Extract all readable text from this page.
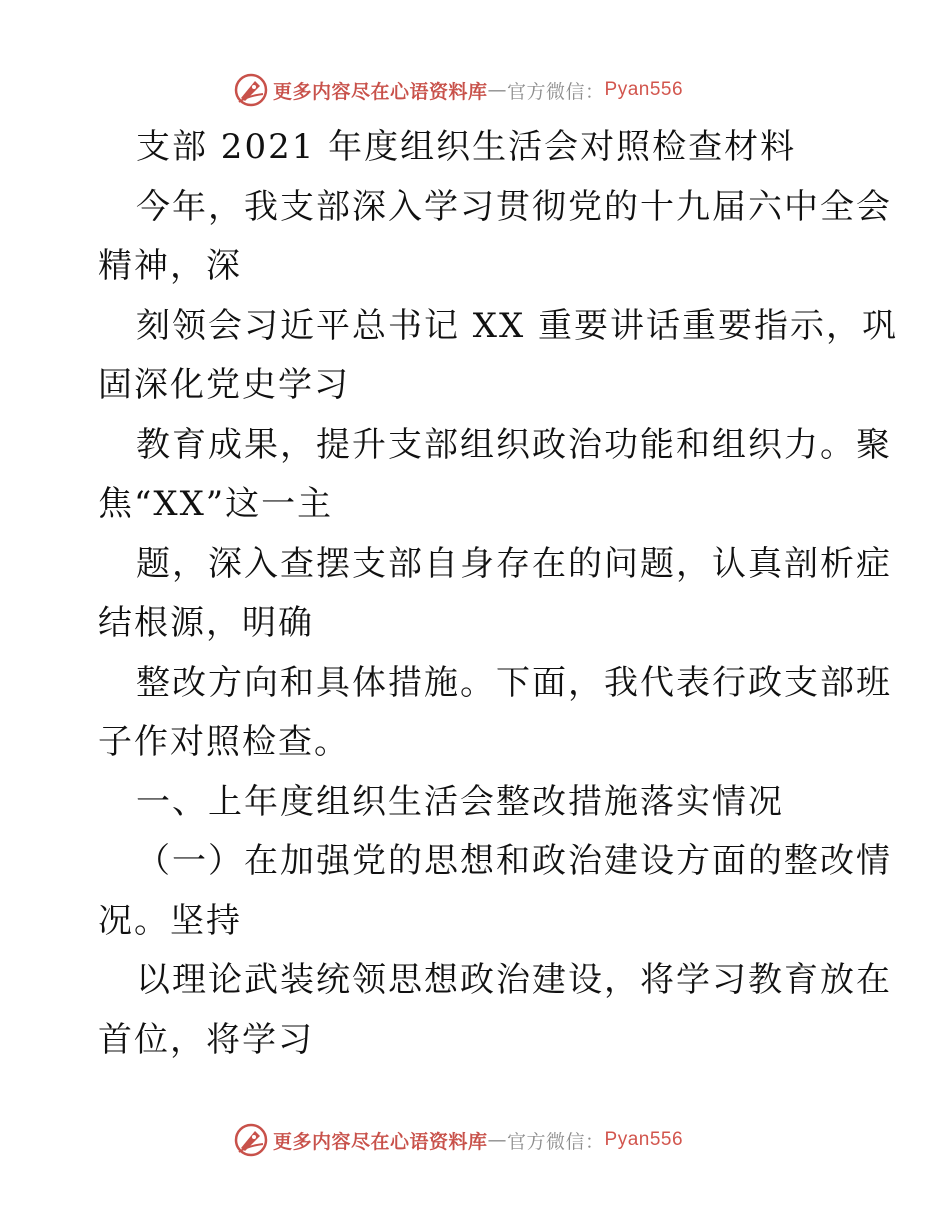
更多内容尽在心语资料库 — 官方微信： Pyan556
支部 2021 年度组织生活会对照检查材料
今年，我支部深入学习贯彻党的十九届六中全会
精神，深
刻领会习近平总书记 XX 重要讲话重要指示，巩
固深化党史学习
教育成果，提升支部组织政治功能和组织力。聚
焦“XX”这一主
题，深入查摆支部自身存在的问题，认真剖析症
结根源，明确
整改方向和具体措施。下面，我代表行政支部班
子作对照检查。
一、上年度组织生活会整改措施落实情况
（一）在加强党的思想和政治建设方面的整改情
况。坚持
以理论武装统领思想政治建设，将学习教育放在
首位，将学习
更多内容尽在心语资料库 — 官方微信： Pyan556
